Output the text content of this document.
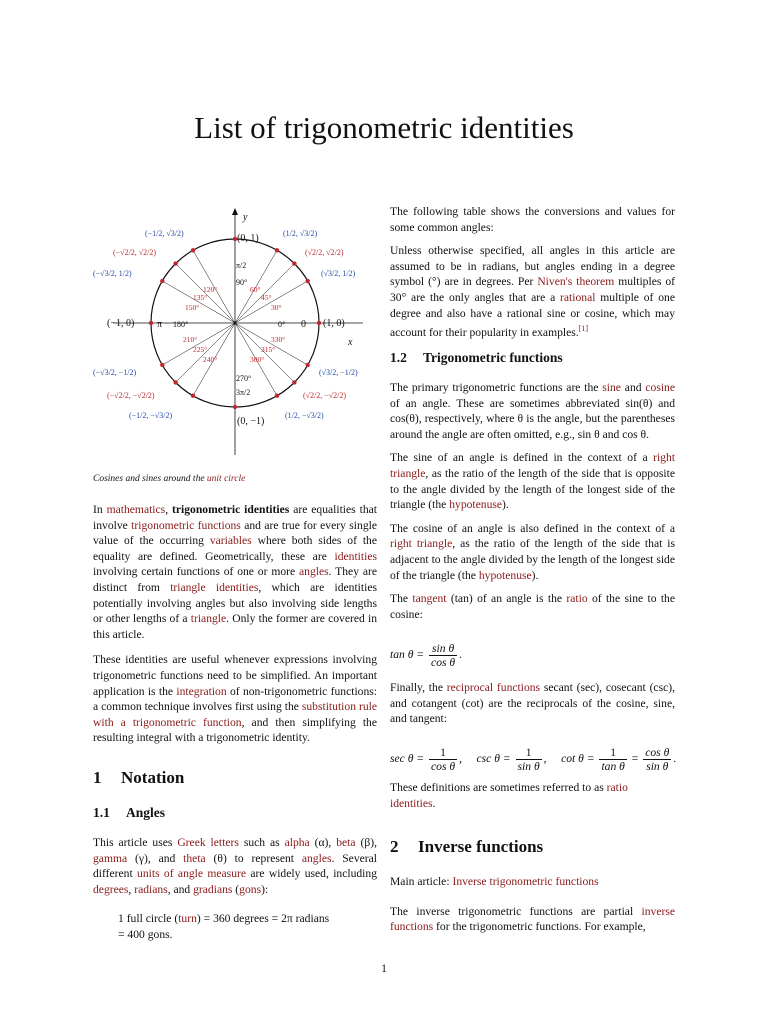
List of trigonometric identities
y
x
(0, 1)
(−1, 0)	(1, 0)
(0, −1)
90°
180°	0°
270°
0
π
π/2
3π/2
30°
45°
60°
120°
135°
150°
210°
225°
240°	300°
315°
330°
(√3/2, 1/2)
(√2/2, √2/2)
(1/2, √3/2)
(−1/2, √3/2)
(−√2/2, √2/2)
(−√3/2, 1/2)
(−√3/2, −1/2)
(−√2/2, −√2/2)
(−1/2, −√3/2)	(1/2, −√3/2)
(√2/2, −√2/2)
(√3/2, −1/2)
Cosines and sines around the unit circle

In mathematics, trigonometric identities are equalities that involve trigonometric functions and are true for every single value of the occurring variables where both sides of the equality are defined. Geometrically, these are identities involving certain functions of one or more angles. They are distinct from triangle identities, which are identities potentially involving angles but also involving side lengths or other lengths of a triangle. Only the former are covered in this article.

These identities are useful whenever expressions involving trigonometric functions need to be simplified. An important application is the integration of non-trigonometric functions: a common technique involves first using the substitution rule with a trigonometric function, and then simplifying the resulting integral with a trigonometric identity.

1 Notation
1.1 Angles

This article uses Greek letters such as alpha (α), beta (β), gamma (γ), and theta (θ) to represent angles. Several different units of angle measure are widely used, including degrees, radians, and gradians (gons):

1 full circle (turn) = 360 degrees = 2π radians
= 400 gons.

The following table shows the conversions and values for some common angles:

Unless otherwise specified, all angles in this article are assumed to be in radians, but angles ending in a degree symbol (°) are in degrees. Per Niven's theorem multiples of 30° are the only angles that are a rational multiple of one degree and also have a rational sine or cosine, which may account for their popularity in examples.[1]

1.2 Trigonometric functions

The primary trigonometric functions are the sine and cosine of an angle. These are sometimes abbreviated sin(θ) and cos(θ), respectively, where θ is the angle, but the parentheses around the angle are often omitted, e.g., sin θ and cos θ.

The sine of an angle is defined in the context of a right triangle, as the ratio of the length of the side that is opposite to the angle divided by the length of the longest side of the triangle (the hypotenuse).

The cosine of an angle is also defined in the context of a right triangle, as the ratio of the length of the side that is adjacent to the angle divided by the length of the longest side of the triangle (the hypotenuse).

The tangent (tan) of an angle is the ratio of the sine to the cosine:

$\tan \theta = \frac{\text{sin θ}}{\text{cos θ}}$ .

Finally, the reciprocal functions secant (sec), cosecant (csc), and cotangent (cot) are the reciprocals of the cosine, sine, and tangent:

$\sec \theta = \frac{1}{\text{cos θ}}$ , $\csc \theta = \frac{1}{\text{sin θ}}$ , $\cot \theta = \frac{1}{\text{tan θ}} = \frac{\text{cos θ}}{\text{sin θ}}$ .

These definitions are sometimes referred to as ratio identities.

2 Inverse functions

Main article: Inverse trigonometric functions

The inverse trigonometric functions are partial inverse functions for the trigonometric functions. For example,

1
